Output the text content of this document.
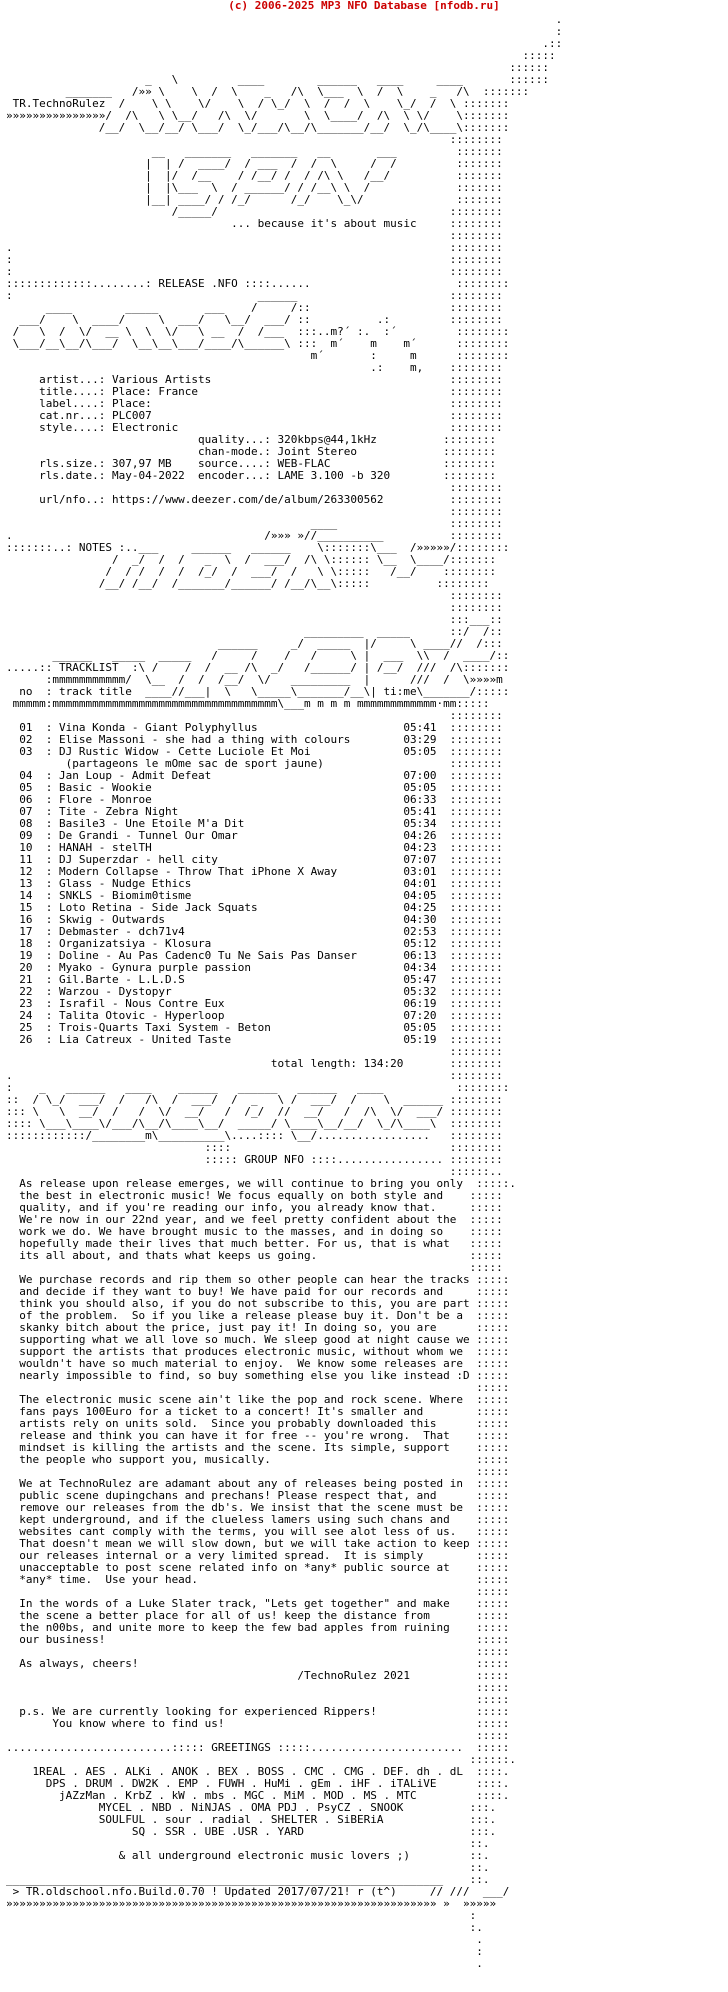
(c) 2006-2025 MP3 NFO Database [nfodb.ru]
.
:
.::
:::::
::::::
_   \         ____        ______   ____     ____       ::::::
_______   /»» \    \  /  \    _   /\  \___  \  /  \    _   /\  :::::::
TR.TechnoRulez  /    \ \    \/    \  / \_/  \  /  /  \    \_/  /  \ :::::::
»»»»»»»»»»»»»»»/  /\   \ \__/   /\  \/       \  \____/  /\  \ \/    \:::::::
/__/  \__/__/ \___/  \_/___/\__/\_______/__/  \_/\____\:::::::
::::::::
__   _______   _______   __       ___         :::::::
|  | /  ____/  / ___  /  /  \     /  /         :::::::
|  |/  /__    / /__/ /  / /\ \   /__/          :::::::
|  |\___  \  / ______/ / /__\ \  /             :::::::
|__| ____/ / /_/      /_/    \_\/              :::::::
/_____/                                   ::::::::
... because it's about music     ::::::::
::::::::
.                                                                  ::::::::
:                                                                  ::::::::
:                                                                  ::::::::
:::::::::::::........: RELEASE .NFO ::::......                      ::::::::
:                                     ______                       ::::::::
____        _____       ___    /     /::                     ::::::::
___/    \  ____/     \  ___/   \__/  ___/ ::          .:         ::::::::
/   \  /  \/  __ \  \  \/   \ __  /  /___  :::..m?´ :.  :´         ::::::::
\___/__\__/\___/  \__\__\___/____/\______\ :::  m´    m    m´      ::::::::
m´       :     m      ::::::::
.:    m,    ::::::::
artist...: Various Artists                                    ::::::::
title....: Place: France                                      ::::::::
label....: Place:                                             ::::::::
cat.nr...: PLC007                                             ::::::::
style....: Electronic                                         ::::::::
quality...: 320kbps@44,1kHz          ::::::::
chan-mode.: Joint Stereo             ::::::::
rls.size.: 307,97 MB    source....: WEB-FLAC                 ::::::::
rls.date.: May-04-2022  encoder...: LAME 3.100 -b 320        ::::::::
::::::::
url/nfo..: https://www.deezer.com/de/album/263300562          ::::::::
::::::::
____                 ::::::::
.                                      /»»» »//__________          ::::::::
:::::::..: NOTES :..___     ______   ______    \:::::::\___  /»»»»»/::::::::
/  _/  /  /   _  \  /  ___/  /\ \:::::: \__  \____/:::::::
/  / /  /  /  /_/  /  ___/  /   \ \:::::   /__/    ::::::::
/__/ /__/  /_______/______/ /__/\__\:::::          ::::::::
::::::::
::::::::
:::___::
_________  _____      ::/  /::
______     _/  _____  |/     \ ____//  /:::
______   _____  _____   /     /    /   /     \ |  ___  \\  /  ____/::
.....:: TRACKLIST  :\ /    /  /  __ /\  _/   /______/ | /__/  ///  /\:::::::
:mmmmmmmmmmm/  \__  /  /  /__/  \/   _________  |      ///  /  \»»»»m
no  : track title  ____//___|  \   \_____\_______/__\| ti:me\_______/:::::
mmmmm:mmmmmmmmmmmmmmmmmmmmmmmmmmmmmmmmmm\___m m m m mmmmmmmmmmmm·mm:::::
::::::::
01  : Vina Konda - Giant Polyphyllus                      05:41  ::::::::
02  : Elise Massoni - she had a thing with colours        03:29  ::::::::
03  : DJ Rustic Widow - Cette Luciole Et Moi              05:05  ::::::::
(partageons le mOme sac de sport jaune)                   ::::::::
04  : Jan Loup - Admit Defeat                             07:00  ::::::::
05  : Basic - Wookie                                      05:05  ::::::::
06  : Flore - Monroe                                      06:33  ::::::::
07  : Tite - Zebra Night                                  05:41  ::::::::
08  : Basile3 - Une Etoile M'a Dit                        05:34  ::::::::
09  : De Grandi - Tunnel Our Omar                         04:26  ::::::::
10  : HANAH - stelTH                                      04:23  ::::::::
11  : DJ Superzdar - hell city                            07:07  ::::::::
12  : Modern Collapse - Throw That iPhone X Away          03:01  ::::::::
13  : Glass - Nudge Ethics                                04:01  ::::::::
14  : SNKLS - Biomim0tisme                                04:05  ::::::::
15  : Loto Retina - Side Jack Squats                      04:25  ::::::::
16  : Skwig - Outwards                                    04:30  ::::::::
17  : Debmaster - dch71v4                                 02:53  ::::::::
18  : Organizatsiya - Klosura                             05:12  ::::::::
19  : Doline - Au Pas Cadenc0 Tu Ne Sais Pas Danser       06:13  ::::::::
20  : Myako - Gynura purple passion                       04:34  ::::::::
21  : Gil.Barte - L.L.D.S                                 05:47  ::::::::
22  : Warzou - Dystopyr                                   05:32  ::::::::
23  : Israfil - Nous Contre Eux                           06:19  ::::::::
24  : Talita Otovic - Hyperloop                           07:20  ::::::::
25  : Trois-Quarts Taxi System - Beton                    05:05  ::::::::
26  : Lia Catreux - United Taste                          05:19  ::::::::
::::::::
total length: 134:20       ::::::::
.                                                                  ::::::::
:    _   ______   ____    ______   ______   ______   ____           ::::::::
::  / \_/  ___/  /   /\  /  ___/  /  _   \ /  ___/  /    \  ______ ::::::::
::: \   \  __/  /   /  \/  __/   /  /_/  //  __/   /  /\  \/  ___/ ::::::::
:::: \___\____\/___/\__/\____\__/  _____/ \____\__/__/  \_/\____\  ::::::::
::::::::::::/________m\__________\....:::: \__/.................   ::::::::
::::                                 ::::::::
::::: GROUP NFO ::::................ ::::::::
::::::..
As release upon release emerges, we will continue to bring you only  :::::.
the best in electronic music! We focus equally on both style and    :::::
quality, and if you're reading our info, you already know that.     :::::
We're now in our 22nd year, and we feel pretty confident about the  :::::
work we do. We have brought music to the masses, and in doing so    :::::
hopefully made their lives that much better. For us, that is what   :::::
its all about, and thats what keeps us going.                       :::::
:::::
We purchase records and rip them so other people can hear the tracks :::::
and decide if they want to buy! We have paid for our records and     :::::
think you should also, if you do not subscribe to this, you are part :::::
of the problem.  So if you like a release please buy it. Don't be a  :::::
skanky bitch about the price, just pay it! In doing so, you are      :::::
supporting what we all love so much. We sleep good at night cause we :::::
support the artists that produces electronic music, without whom we  :::::
wouldn't have so much material to enjoy.  We know some releases are  :::::
nearly impossible to find, so buy something else you like instead :D :::::
:::::
The electronic music scene ain't like the pop and rock scene. Where  :::::
fans pays 100Euro for a ticket to a concert! It's smaller and        :::::
artists rely on units sold.  Since you probably downloaded this      :::::
release and think you can have it for free -- you're wrong.  That    :::::
mindset is killing the artists and the scene. Its simple, support    :::::
the people who support you, musically.                               :::::
:::::
We at TechnoRulez are adamant about any of releases being posted in  :::::
public scene dupingchans and prechans! Please respect that, and      :::::
remove our releases from the db's. We insist that the scene must be  :::::
kept underground, and if the clueless lamers using such chans and    :::::
websites cant comply with the terms, you will see alot less of us.   :::::
That doesn't mean we will slow down, but we will take action to keep :::::
our releases internal or a very limited spread.  It is simply        :::::
unacceptable to post scene related info on *any* public source at    :::::
*any* time.  Use your head.                                          :::::
:::::
In the words of a Luke Slater track, "Lets get together" and make    :::::
the scene a better place for all of us! keep the distance from       :::::
the n00bs, and unite more to keep the few bad apples from ruining    :::::
our business!                                                        :::::
:::::
As always, cheers!                                                   :::::
/TechnoRulez 2021          :::::
:::::
:::::
p.s. We are currently looking for experienced Rippers!               :::::
You know where to find us!                                      :::::
:::::
.........................::::: GREETINGS :::::.......................  :::::
::::::.
1REAL . AES . ALKi . ANOK . BEX . BOSS . CMC . CMG . DEF. dh . dL  ::::.
DPS . DRUM . DW2K . EMP . FUWH . HuMi . gEm . iHF . iTALiVE      ::::.
jAZzMan . KrbZ . kW . mbs . MGC . MiM . MOD . MS . MTC         ::::.
MYCEL . NBD . NiNJAS . OMA PDJ . PsyCZ . SNOOK          :::.
SOULFUL . sour . radial . SHELTER . SiBERiA             :::.
SQ . SSR . UBE .USR . YARD                         :::.
::.
& all underground electronic music lovers ;)         ::.
::.
__________________________________________________________________    ::.
> TR.oldschool.nfo.Build.0.70 ! Updated 2017/07/21! r (t^)     // ///  ___/
»»»»»»»»»»»»»»»»»»»»»»»»»»»»»»»»»»»»»»»»»»»»»»»»»»»»»»»»»»»»»»»»» »  »»»»»
:
:.
.
:
.
